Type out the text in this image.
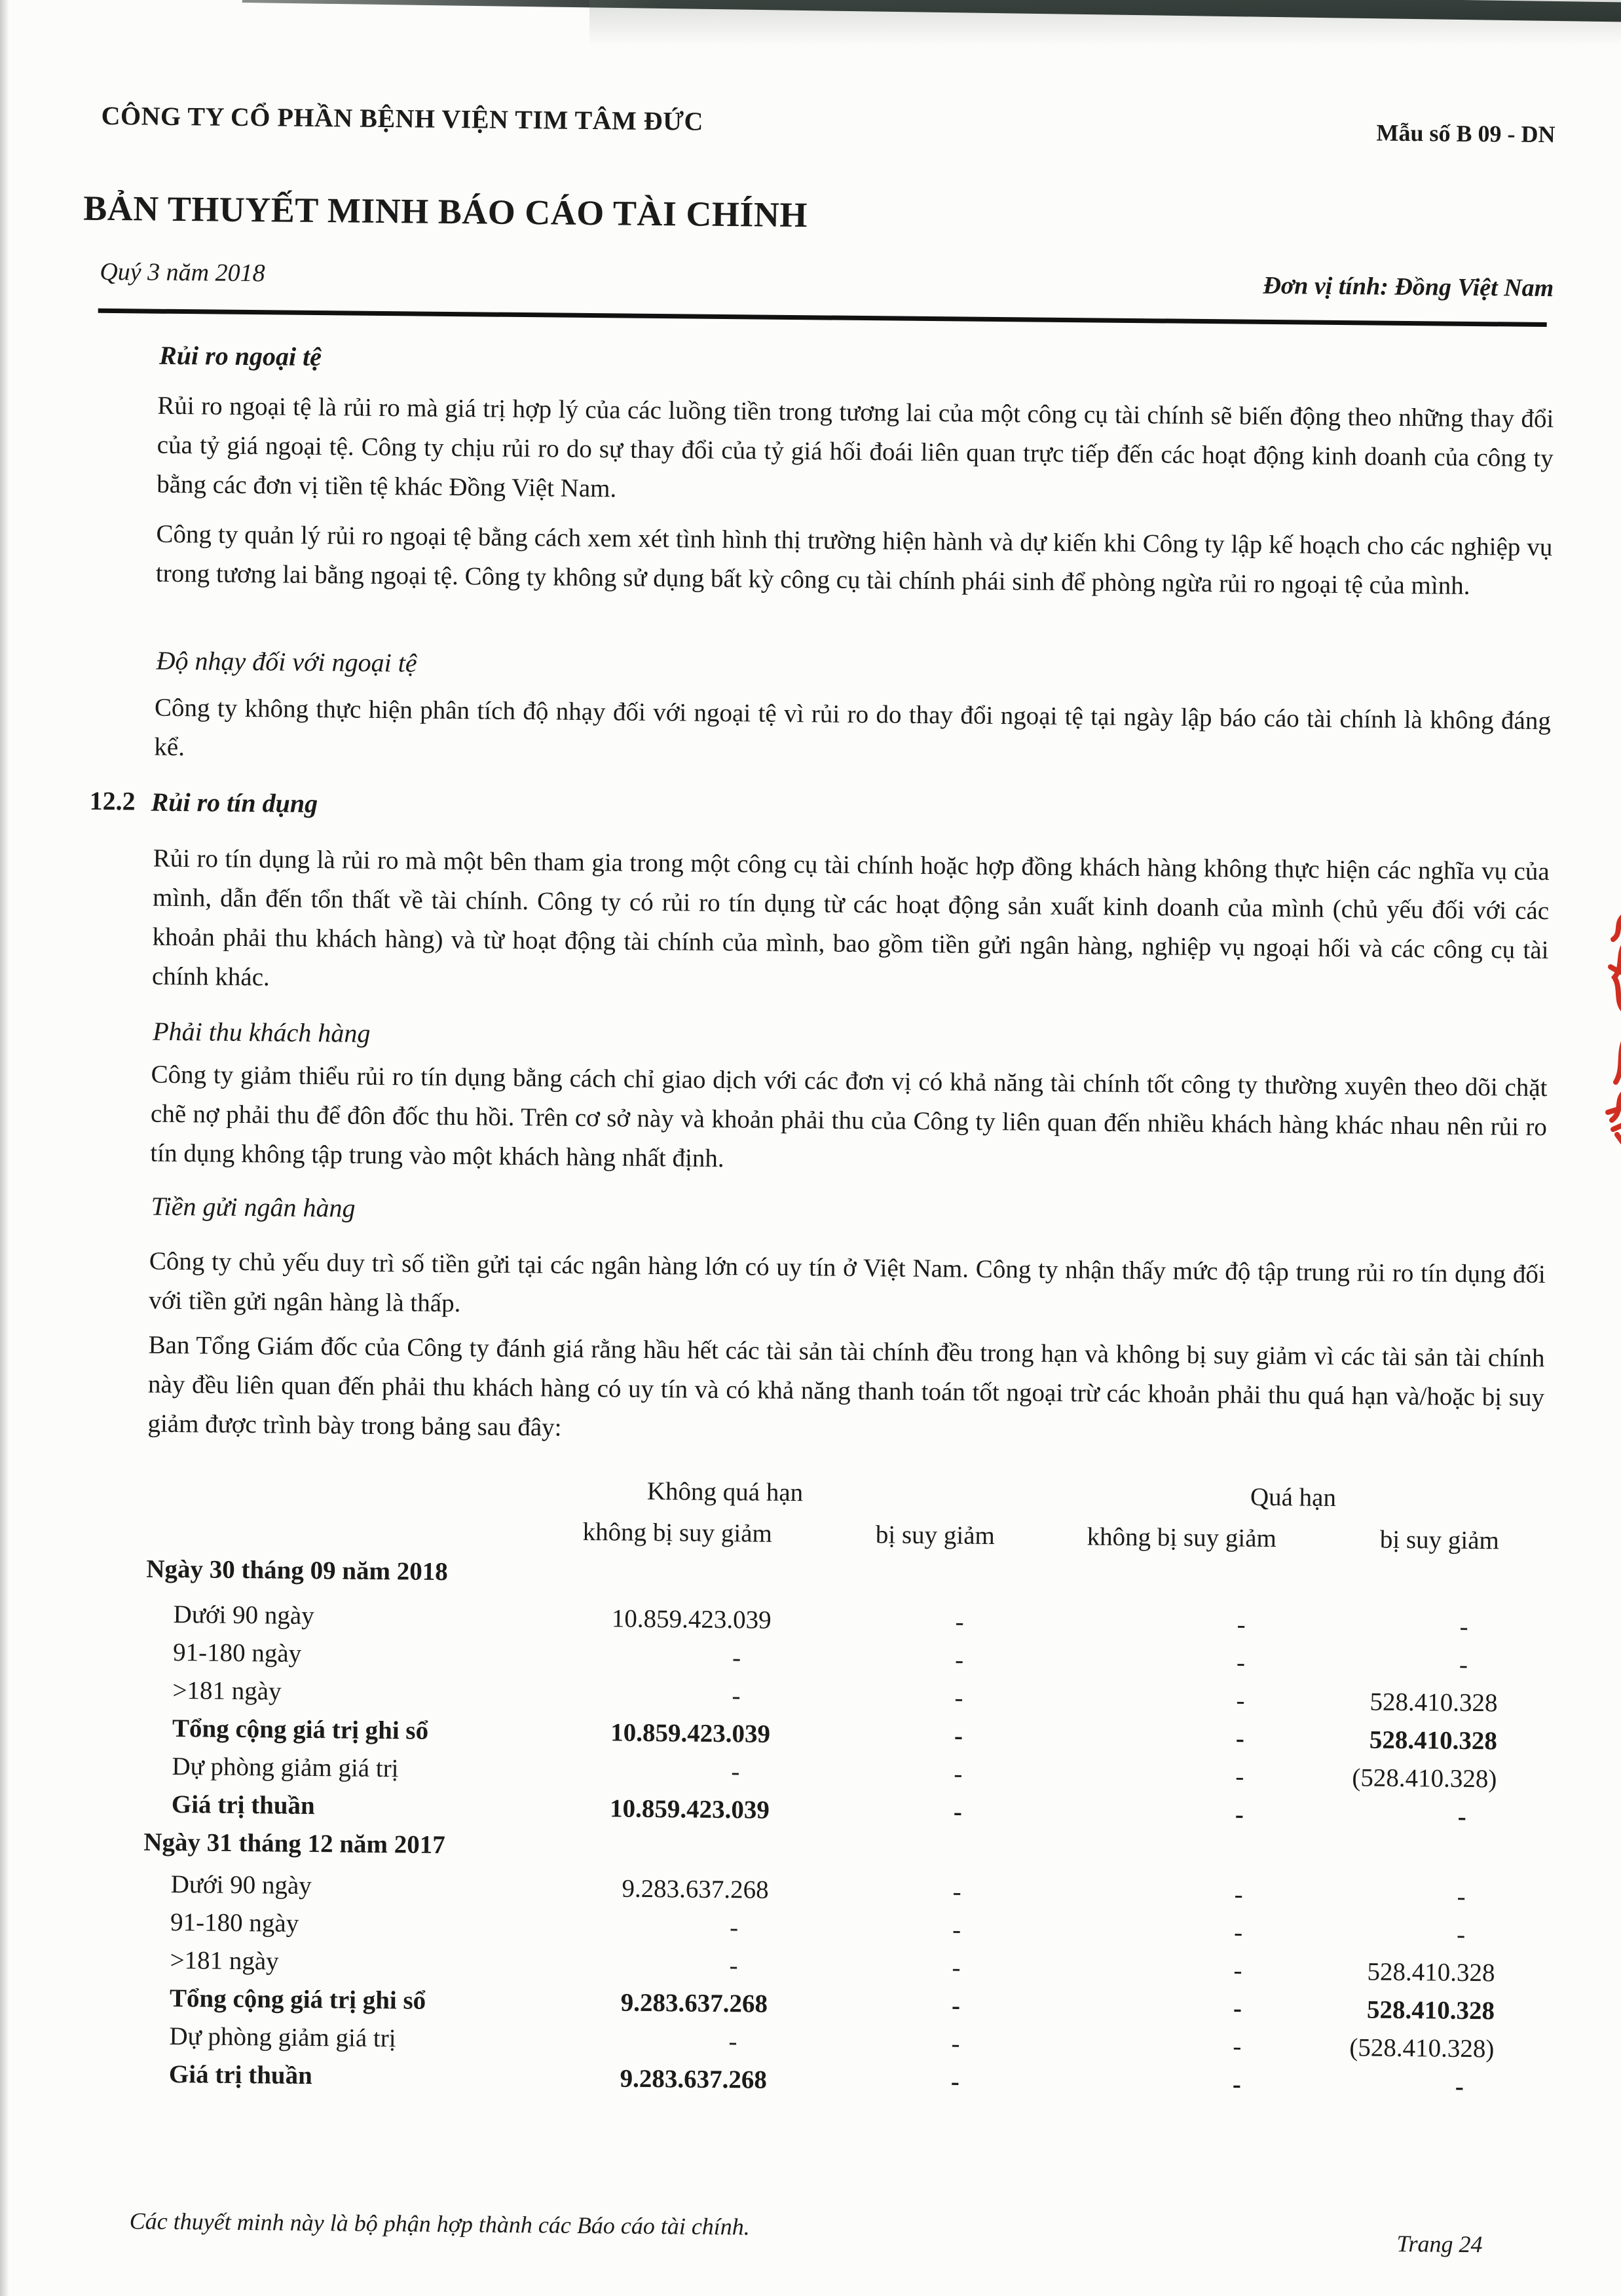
CÔNG TY CỔ PHẦN BỆNH VIỆN TIM TÂM ĐỨC	Mẫu số B 09 - DN
BẢN THUYẾT MINH BÁO CÁO TÀI CHÍNH
Quý 3 năm 2018	Đơn vị tính: Đồng Việt Nam
Rủi ro ngoại tệ
Rủi ro ngoại tệ là rủi ro mà giá trị hợp lý của các luồng tiền trong tương lai của một công cụ tài chính sẽ biến động theo những thay đổi của tỷ giá ngoại tệ. Công ty chịu rủi ro do sự thay đổi của tỷ giá hối đoái liên quan trực tiếp đến các hoạt động kinh doanh của công ty bằng các đơn vị tiền tệ khác Đồng Việt Nam.
Công ty quản lý rủi ro ngoại tệ bằng cách xem xét tình hình thị trường hiện hành và dự kiến khi Công ty lập kế hoạch cho các nghiệp vụ trong tương lai bằng ngoại tệ. Công ty không sử dụng bất kỳ công cụ tài chính phái sinh để phòng ngừa rủi ro ngoại tệ của mình.
Độ nhạy đối với ngoại tệ
Công ty không thực hiện phân tích độ nhạy đối với ngoại tệ vì rủi ro do thay đổi ngoại tệ tại ngày lập báo cáo tài chính là không đáng kể.
12.2 Rủi ro tín dụng
Rủi ro tín dụng là rủi ro mà một bên tham gia trong một công cụ tài chính hoặc hợp đồng khách hàng không thực hiện các nghĩa vụ của mình, dẫn đến tổn thất về tài chính. Công ty có rủi ro tín dụng từ các hoạt động sản xuất kinh doanh của mình (chủ yếu đối với các khoản phải thu khách hàng) và từ hoạt động tài chính của mình, bao gồm tiền gửi ngân hàng, nghiệp vụ ngoại hối và các công cụ tài chính khác.
Phải thu khách hàng
Công ty giảm thiểu rủi ro tín dụng bằng cách chỉ giao dịch với các đơn vị có khả năng tài chính tốt công ty thường xuyên theo dõi chặt chẽ nợ phải thu để đôn đốc thu hồi. Trên cơ sở này và khoản phải thu của Công ty liên quan đến nhiều khách hàng khác nhau nên rủi ro tín dụng không tập trung vào một khách hàng nhất định.
Tiền gửi ngân hàng
Công ty chủ yếu duy trì số tiền gửi tại các ngân hàng lớn có uy tín ở Việt Nam. Công ty nhận thấy mức độ tập trung rủi ro tín dụng đối với tiền gửi ngân hàng là thấp.
Ban Tổng Giám đốc của Công ty đánh giá rằng hầu hết các tài sản tài chính đều trong hạn và không bị suy giảm vì các tài sản tài chính này đều liên quan đến phải thu khách hàng có uy tín và có khả năng thanh toán tốt ngoại trừ các khoản phải thu quá hạn và/hoặc bị suy giảm được trình bày trong bảng sau đây:
Không quá hạn	Quá hạn
không bị suy giảm	bị suy giảm	không bị suy giảm	bị suy giảm
Ngày 30 tháng 09 năm 2018
Dưới 90 ngày	10.859.423.039	-	-	-
91-180 ngày	-	-	-	-
>181 ngày	-	-	-	528.410.328
Tổng cộng giá trị ghi sổ	10.859.423.039	-	-	528.410.328
Dự phòng giảm giá trị	-	-	-	(528.410.328)
Giá trị thuần	10.859.423.039	-	-	-
Ngày 31 tháng 12 năm 2017
Dưới 90 ngày	9.283.637.268	-	-	-
91-180 ngày	-	-	-	-
>181 ngày	-	-	-	528.410.328
Tổng cộng giá trị ghi sổ	9.283.637.268	-	-	528.410.328
Dự phòng giảm giá trị	-	-	-	(528.410.328)
Giá trị thuần	9.283.637.268	-	-	-
Các thuyết minh này là bộ phận hợp thành các Báo cáo tài chính.
Trang 24
